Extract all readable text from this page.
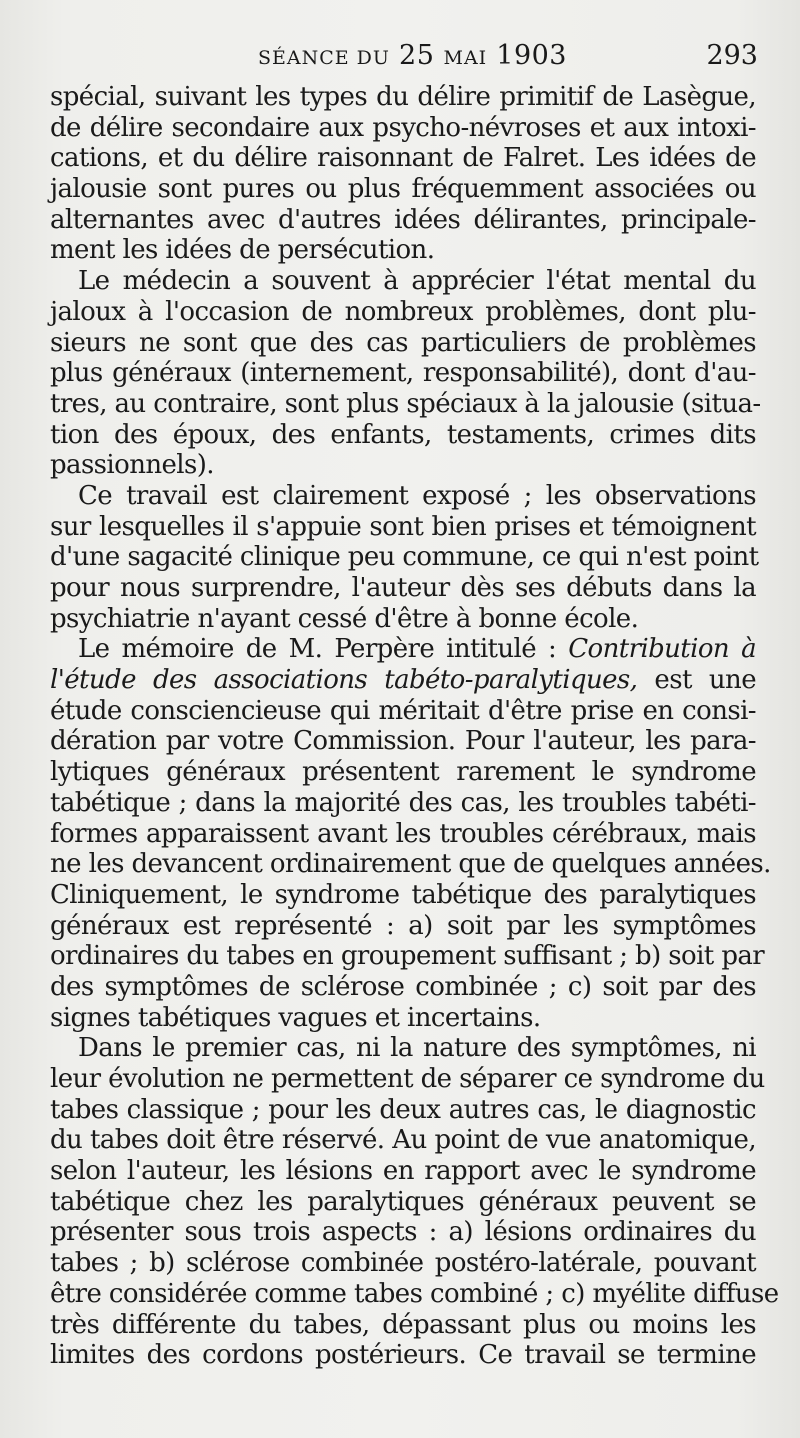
SÉANCE DU 25 MAI 1903	293
spécial, suivant les types du délire primitif de Lasègue,
de délire secondaire aux psycho-névroses et aux intoxi-
cations, et du délire raisonnant de Falret. Les idées de
jalousie sont pures ou plus fréquemment associées ou
alternantes avec d'autres idées délirantes, principale-
ment les idées de persécution.
Le médecin a souvent à apprécier l'état mental du
jaloux à l'occasion de nombreux problèmes, dont plu-
sieurs ne sont que des cas particuliers de problèmes
plus généraux (internement, responsabilité), dont d'au-
tres, au contraire, sont plus spéciaux à la jalousie (situa-
tion des époux, des enfants, testaments, crimes dits
passionnels).
Ce travail est clairement exposé ; les observations
sur lesquelles il s'appuie sont bien prises et témoignent
d'une sagacité clinique peu commune, ce qui n'est point
pour nous surprendre, l'auteur dès ses débuts dans la
psychiatrie n'ayant cessé d'être à bonne école.
Le mémoire de M. Perpère intitulé : Contribution à
l'étude des associations tabéto-paralytiques, est une
étude consciencieuse qui méritait d'être prise en consi-
dération par votre Commission. Pour l'auteur, les para-
lytiques généraux présentent rarement le syndrome
tabétique ; dans la majorité des cas, les troubles tabéti-
formes apparaissent avant les troubles cérébraux, mais
ne les devancent ordinairement que de quelques années.
Cliniquement, le syndrome tabétique des paralytiques
généraux est représenté : a) soit par les symptômes
ordinaires du tabes en groupement suffisant ; b) soit par
des symptômes de sclérose combinée ; c) soit par des
signes tabétiques vagues et incertains.
Dans le premier cas, ni la nature des symptômes, ni
leur évolution ne permettent de séparer ce syndrome du
tabes classique ; pour les deux autres cas, le diagnostic
du tabes doit être réservé. Au point de vue anatomique,
selon l'auteur, les lésions en rapport avec le syndrome
tabétique chez les paralytiques généraux peuvent se
présenter sous trois aspects : a) lésions ordinaires du
tabes ; b) sclérose combinée postéro-latérale, pouvant
être considérée comme tabes combiné ; c) myélite diffuse
très différente du tabes, dépassant plus ou moins les
limites des cordons postérieurs. Ce travail se termine
